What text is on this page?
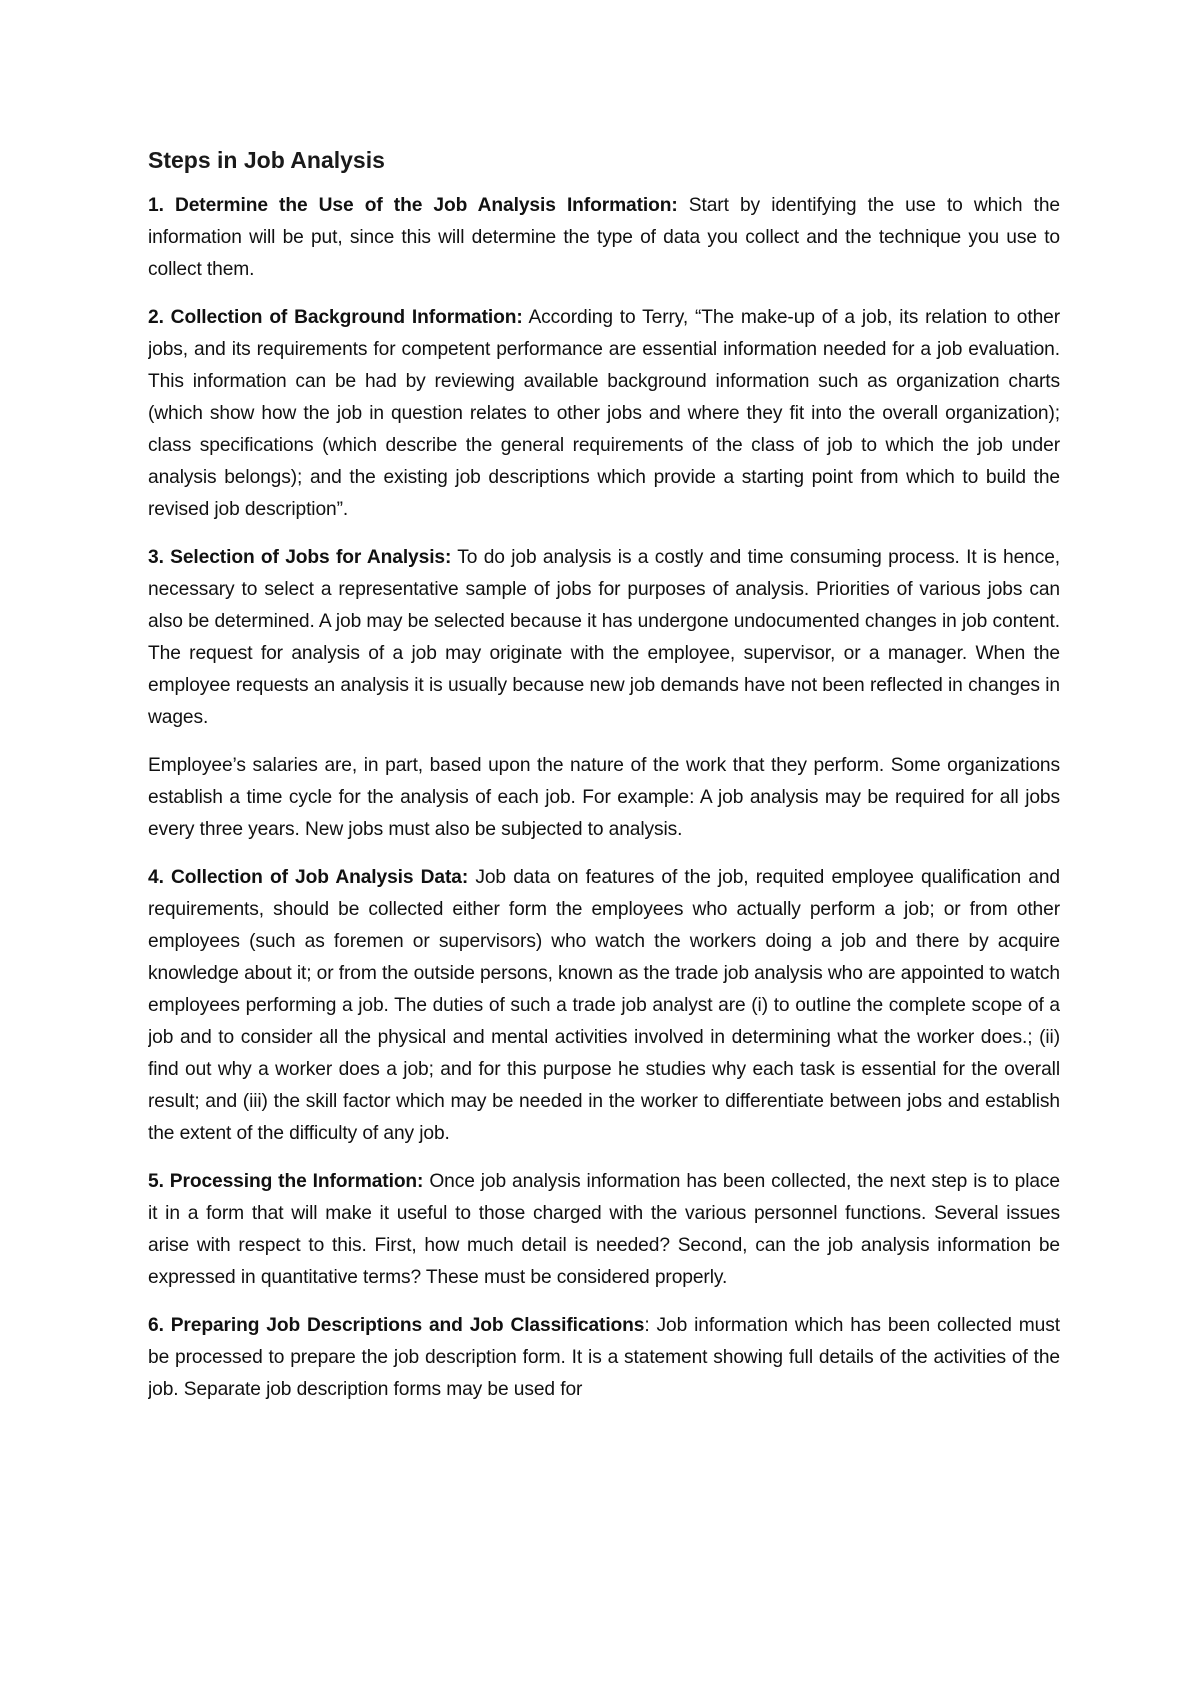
Steps in Job Analysis

1. Determine the Use of the Job Analysis Information: Start by identifying the use to which the information will be put, since this will determine the type of data you collect and the technique you use to collect them.

2. Collection of Background Information: According to Terry, “The make-up of a job, its relation to other jobs, and its requirements for competent performance are essential information needed for a job evaluation. This information can be had by reviewing available background information such as organization charts (which show how the job in question relates to other jobs and where they fit into the overall organization); class specifications (which describe the general requirements of the class of job to which the job under analysis belongs); and the existing job descriptions which provide a starting point from which to build the revised job description”.

3. Selection of Jobs for Analysis: To do job analysis is a costly and time consuming process. It is hence, necessary to select a representative sample of jobs for purposes of analysis. Priorities of various jobs can also be determined. A job may be selected because it has undergone undocumented changes in job content. The request for analysis of a job may originate with the employee, supervisor, or a manager. When the employee requests an analysis it is usually because new job demands have not been reflected in changes in wages.

Employee’s salaries are, in part, based upon the nature of the work that they perform. Some organizations establish a time cycle for the analysis of each job. For example: A job analysis may be required for all jobs every three years. New jobs must also be subjected to analysis.

4. Collection of Job Analysis Data: Job data on features of the job, requited employee qualification and requirements, should be collected either form the employees who actually perform a job; or from other employees (such as foremen or supervisors) who watch the workers doing a job and there by acquire knowledge about it; or from the outside persons, known as the trade job analysis who are appointed to watch employees performing a job. The duties of such a trade job analyst are (i) to outline the complete scope of a job and to consider all the physical and mental activities involved in determining what the worker does.; (ii) find out why a worker does a job; and for this purpose he studies why each task is essential for the overall result; and (iii) the skill factor which may be needed in the worker to differentiate between jobs and establish the extent of the difficulty of any job.

5. Processing the Information: Once job analysis information has been collected, the next step is to place it in a form that will make it useful to those charged with the various personnel functions. Several issues arise with respect to this. First, how much detail is needed? Second, can the job analysis information be expressed in quantitative terms? These must be considered properly.

6. Preparing Job Descriptions and Job Classifications: Job information which has been collected must be processed to prepare the job description form. It is a statement showing full details of the activities of the job. Separate job description forms may be used for
